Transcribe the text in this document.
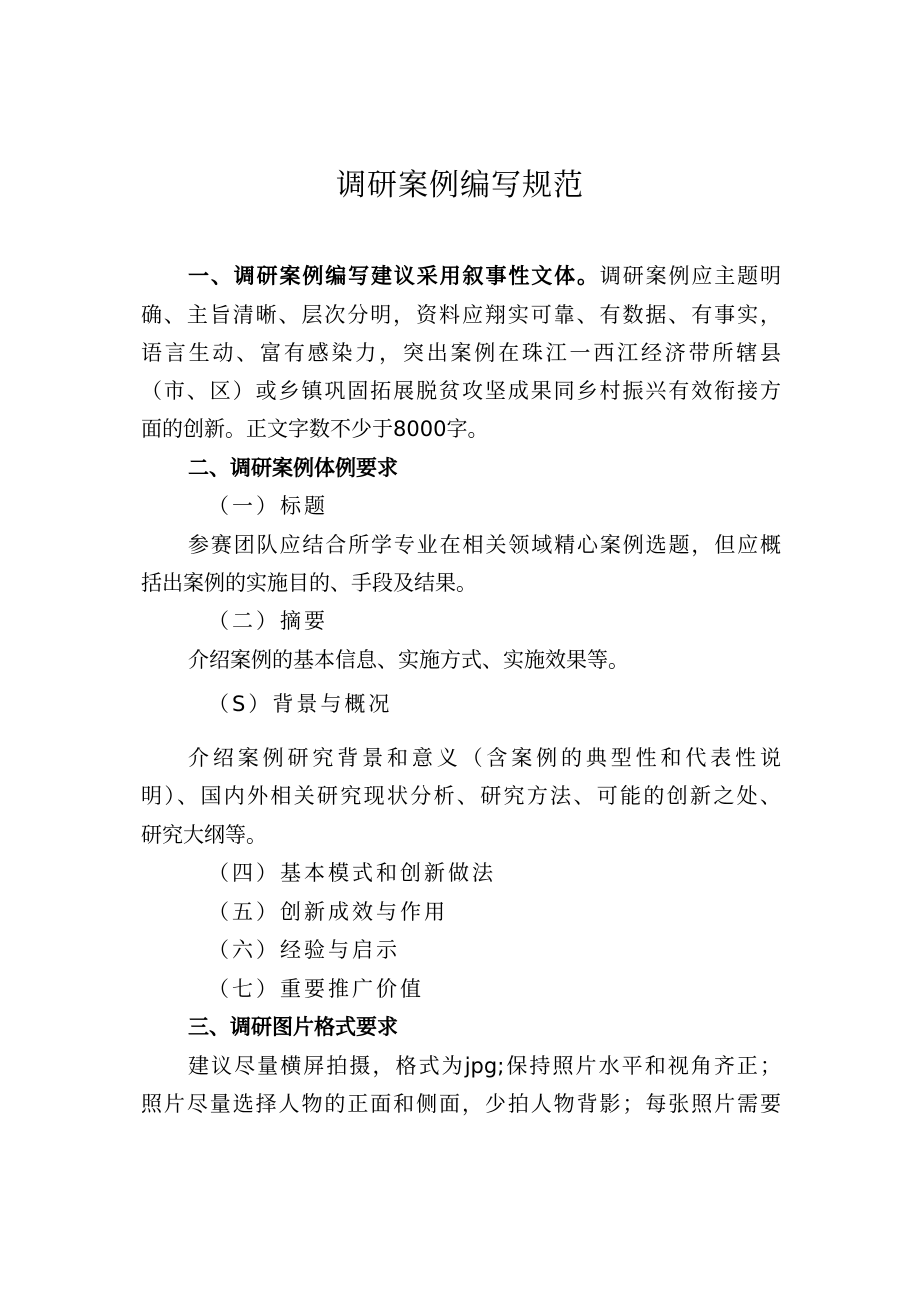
调研案例编写规范
一、调研案例编写建议采用叙事性文体。调研案例应主题明
确、主旨清晰、层次分明，资料应翔实可靠、有数据、有事实，
语言生动、富有感染力，突出案例在珠江一西江经济带所辖县
（市、区）或乡镇巩固拓展脱贫攻坚成果同乡村振兴有效衔接方
面的创新。正文字数不少于8000字。
二、调研案例体例要求
（一）标题
参赛团队应结合所学专业在相关领域精心案例选题，但应概
括出案例的实施目的、手段及结果。
（二）摘要
介绍案例的基本信息、实施方式、实施效果等。
（S）背景与概况
介绍案例研究背景和意义（含案例的典型性和代表性说
明）、国内外相关研究现状分析、研究方法、可能的创新之处、
研究大纲等。
（四）基本模式和创新做法
（五）创新成效与作用
（六）经验与启示
（七）重要推广价值
三、调研图片格式要求
建议尽量横屏拍摄，格式为jpg;保持照片水平和视角齐正；
照片尽量选择人物的正面和侧面，少拍人物背影；每张照片需要
